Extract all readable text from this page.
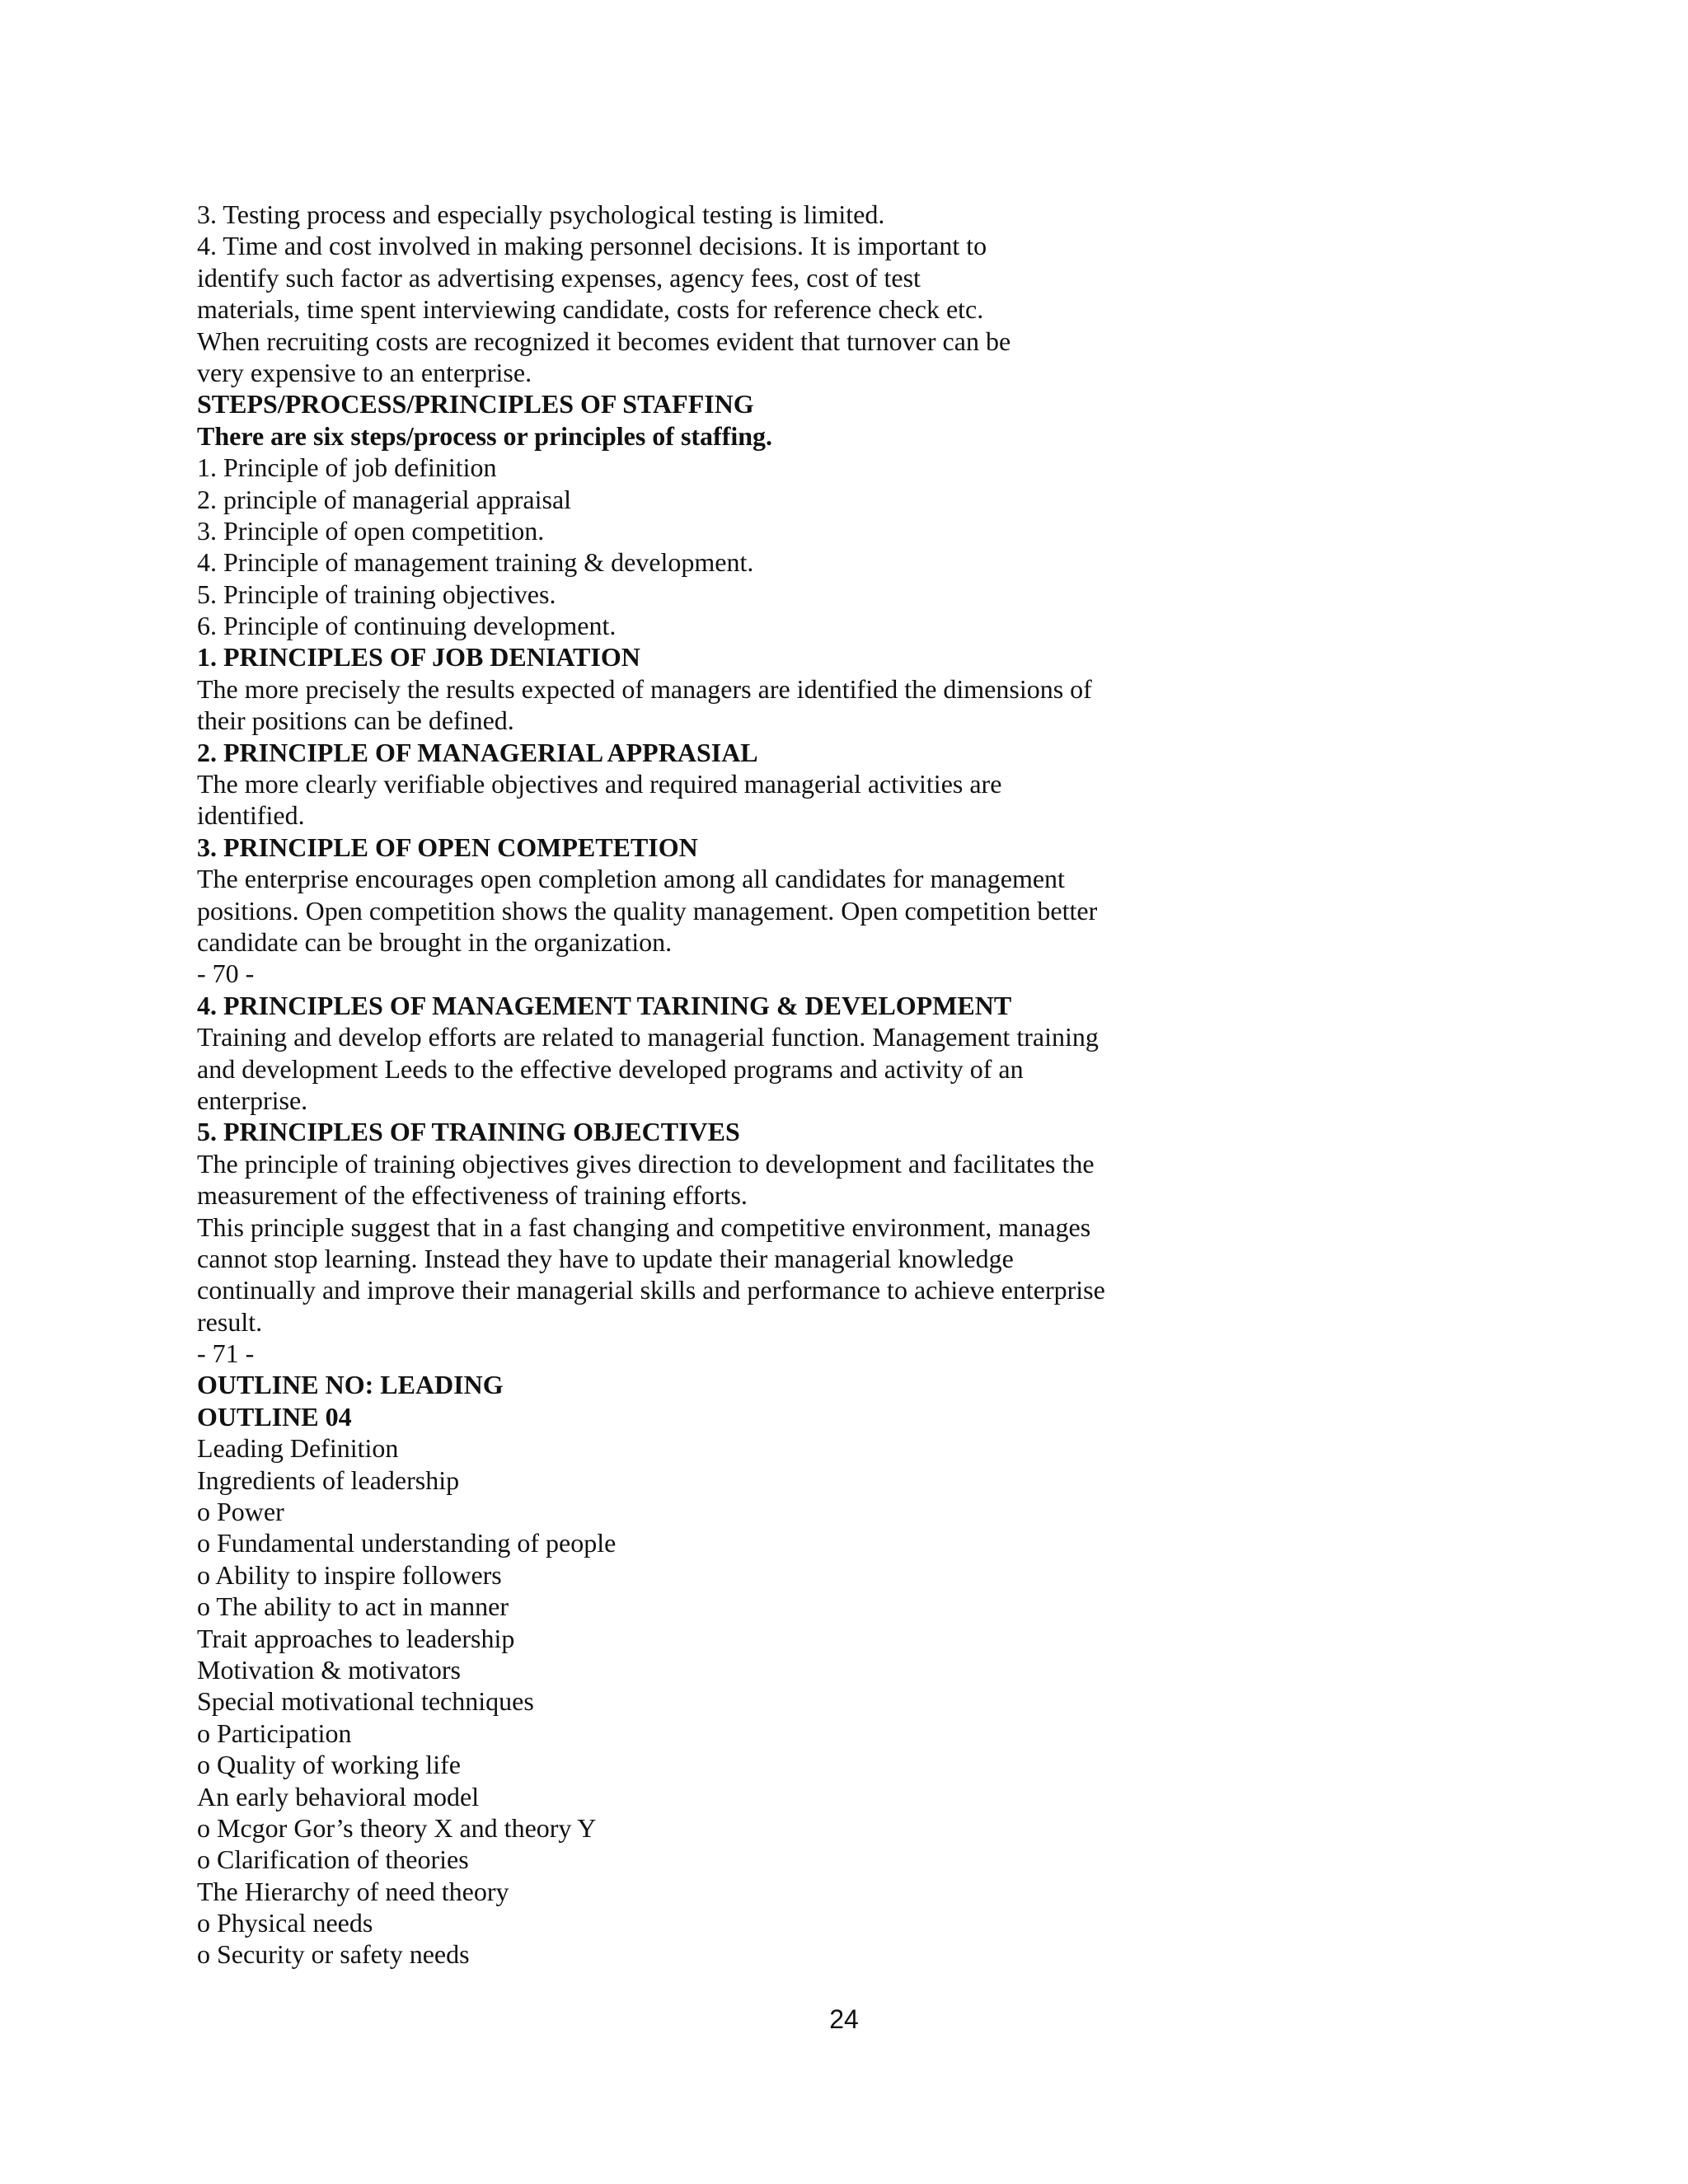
3. Testing process and especially psychological testing is limited.
4. Time and cost involved in making personnel decisions. It is important to
identify such factor as advertising expenses, agency fees, cost of test
materials, time spent interviewing candidate, costs for reference check etc.
When recruiting costs are recognized it becomes evident that turnover can be
very expensive to an enterprise.
STEPS/PROCESS/PRINCIPLES OF STAFFING
There are six steps/process or principles of staffing.
1. Principle of job definition
2. principle of managerial appraisal
3. Principle of open competition.
4. Principle of management training & development.
5. Principle of training objectives.
6. Principle of continuing development.
1. PRINCIPLES OF JOB DENIATION
The more precisely the results expected of managers are identified the dimensions of
their positions can be defined.
2. PRINCIPLE OF MANAGERIAL APPRASIAL
The more clearly verifiable objectives and required managerial activities are
identified.
3. PRINCIPLE OF OPEN COMPETETION
The enterprise encourages open completion among all candidates for management
positions. Open competition shows the quality management. Open competition better
candidate can be brought in the organization.
- 70 -
4. PRINCIPLES OF MANAGEMENT TARINING & DEVELOPMENT
Training and develop efforts are related to managerial function. Management training
and development Leeds to the effective developed programs and activity of an
enterprise.
5. PRINCIPLES OF TRAINING OBJECTIVES
The principle of training objectives gives direction to development and facilitates the
measurement of the effectiveness of training efforts.
This principle suggest that in a fast changing and competitive environment, manages
cannot stop learning. Instead they have to update their managerial knowledge
continually and improve their managerial skills and performance to achieve enterprise
result.
- 71 -
OUTLINE NO: LEADING
OUTLINE 04
Leading Definition
Ingredients of leadership
o Power
o Fundamental understanding of people
o Ability to inspire followers
o The ability to act in manner
Trait approaches to leadership
Motivation & motivators
Special motivational techniques
o Participation
o Quality of working life
An early behavioral model
o Mcgor Gor’s theory X and theory Y
o Clarification of theories
The Hierarchy of need theory
o Physical needs
o Security or safety needs
24
